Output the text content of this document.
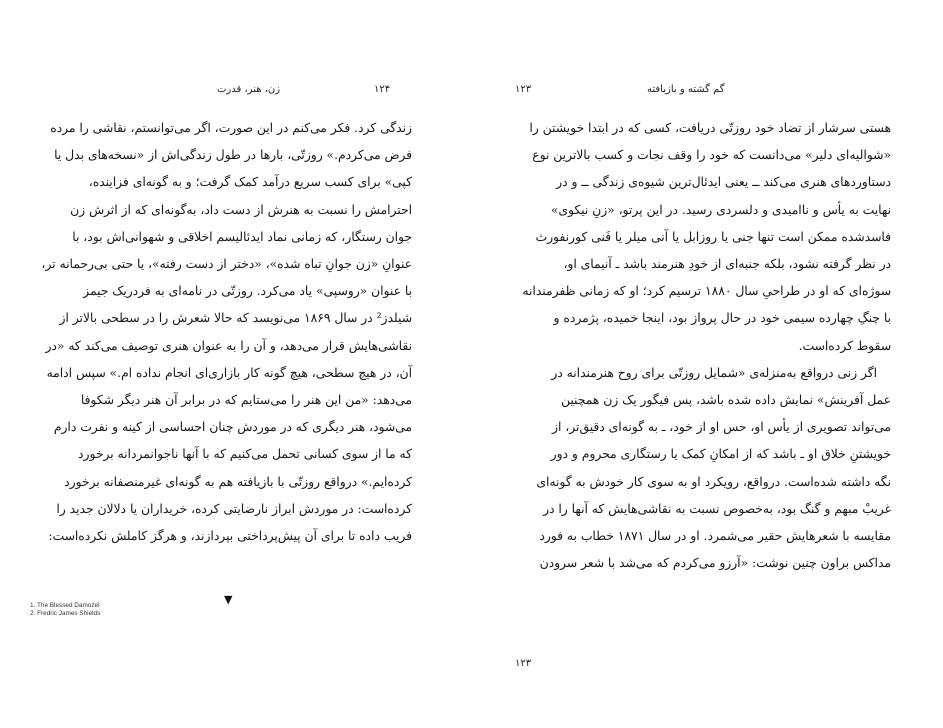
زن، هنر، قدرت	۱۲۴

زندگی کرد. فکر می‌کنم در این صورت، اگر می‌توانستم، نقاشی را مرده
فرض می‌کردم.» روزتّی، بارها در طول زندگی‌اش از «نسخه‌های بدل یا
کپی» برای کسب سریع درآمد کمک گرفت؛ و به گونه‌ای فزاینده،
احترامش را نسبت به هنرش از دست داد، به‌گونه‌ای که از اثرش زن
جوان رستگار، که زمانی نماد ایدئالیسم اخلاقی و شهوانی‌اش بود، با
عنوانِ «زن جوانِ تباه شده»، «دختر از دست رفته»، یا حتی بی‌رحمانه تر،
با عنوان «روسپی» یاد می‌کرد. روزتّی در نامه‌ای به فردریک جیمز
شیلدز² در سال ۱۸۶۹ می‌نویسد که حالا شعرش را در سطحی بالاتر از
نقاشی‌هایش قرار می‌دهد، و آن را به عنوان هنری توصیف می‌کند که «در
آن، در هیچ سطحی، هیچ گونه کار بازاری‌ای انجام نداده ام.» سپس ادامه
می‌دهد: «من این هنر را می‌ستایم که در برابر آن هنر دیگر شکوفا
می‌شود، هنر دیگری که در موردش چنان احساسی از کینه و نفرت دارم
که ما از سوی کسانی تحمل می‌کنیم که با آنها ناجوانمردانه برخورد
کرده‌ایم.» درواقع روزتّی با بازیافته هم به گونه‌ای غیرمنصفانه برخورد
کرده‌است: در موردش ابراز نارضایتی کرده، خریداران یا دلالان جدید را
فریب داده تا برای آن پیش‌پرداختی بپردازند، و هرگز کاملش نکرده‌است:

▼
1. The Blessed Damozel
2. Fredric James Shields
گم گشته و بازیافته
۱۲۳

هستی سرشار از تضاد خود روزتّی دریافت، کسی که در ابتدا خویشتن را
«شوالیه‌ای دلیر» می‌دانست که خود را وقف نجات و کسب بالاترین نوع
دستاوردهای هنری می‌کند ــ یعنی ایدئال‌ترین شیوه‌ی زندگی ــ و در
نهایت به یأس و ناامیدی و دلسردی رسید. در این پرتو، «زنِ نیکوی»
فاسدشده ممکن است تنها جنی یا روزابل یا آنی میلر یا فَنی کورنفورث
در نظر گرفته نشود، بلکه جنبه‌ای از خودِ هنرمند باشد ـ آنیمای او،
سوژه‌ای که او در طراحیِ سال ۱۸۸۰ ترسیم کرد؛ او که زمانی ظفرمندانه
با چنگِ چهارده سیمی خود در حال پرواز بود، اینجا خمیده، پژمرده و
سقوط کرده‌است.

اگر زنی درواقع به‌منزله‌ی «شمایل روزتّی برای روح هنرمندانه در
عمل آفرینش» نمایش داده شده باشد، پس فیگور یک زن همچنین
می‌تواند تصویری از یأس او، حس او از خود، ـ به گونه‌ای دقیق‌تر، از
خویشتنِ خلاق او ـ باشد که از امکانِ کمک یا رستگاری محروم و دور
نگه داشته شده‌است. درواقع، رویکرد او به سوی کار خودش به گونه‌ای
غریبْ مبهم و گنگ بود، به‌خصوص نسبت به نقاشی‌هایش که آنها را در
مقایسه با شعرهایش حقیر می‌شمرد. او در سال ۱۸۷۱ خطاب به فورد
مداکس براون چنین نوشت: «آرزو می‌کردم که می‌شد با شعر سرودن

۱۲۳
